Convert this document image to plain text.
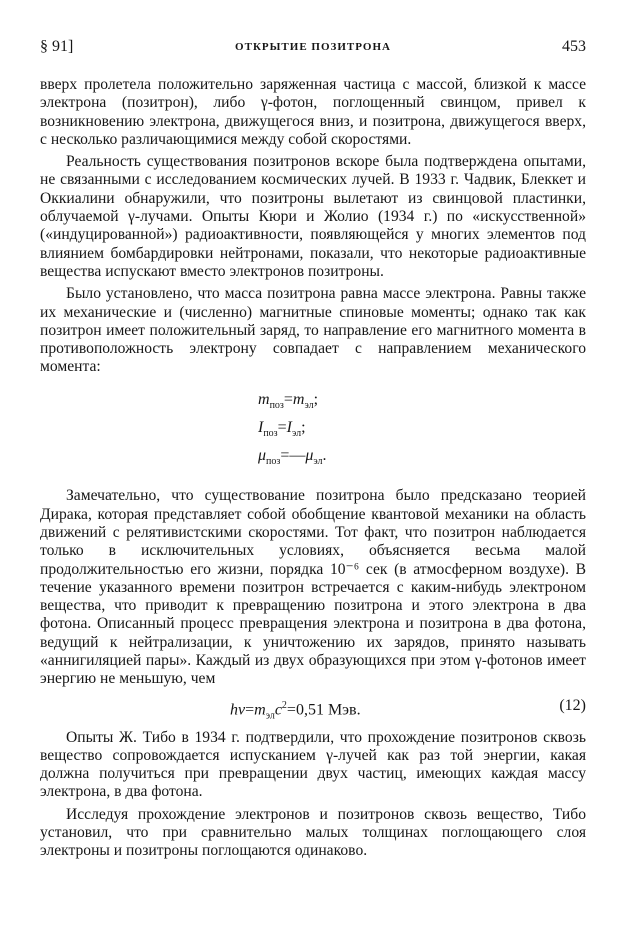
§ 91]	ОТКРЫТИЕ ПОЗИТРОНА	453

вверх пролетела положительно заряженная частица с массой, близкой к массе электрона (позитрон), либо γ-фотон, поглощенный свинцом, привел к возникновению электрона, движущегося вниз, и позитрона, движущегося вверх, с несколько различающимися между собой скоростями.

Реальность существования позитронов вскоре была подтверждена опытами, не связанными с исследованием космических лучей. В 1933 г. Чадвик, Блеккет и Оккиалини обнаружили, что позитроны вылетают из свинцовой пластинки, облучаемой γ-лучами. Опыты Кюри и Жолио (1934 г.) по «искусственной» («индуцированной») радиоактивности, появляющейся у многих элементов под влиянием бомбардировки нейтронами, показали, что некоторые радиоактивные вещества испускают вместо электронов позитроны.

Было установлено, что масса позитрона равна массе электрона. Равны также их механические и (численно) магнитные спиновые моменты; однако так как позитрон имеет положительный заряд, то направление его магнитного момента в противоположность электрону совпадает с направлением механического момента:

$m_{поз}=m_{эл}$;
$I_{поз}=I_{эл}$;
$\mu_{поз}=—\mu_{эл}$.

Замечательно, что существование позитрона было предсказано теорией Дирака, которая представляет собой обобщение квантовой механики на область движений с релятивистскими скоростями. Тот факт, что позитрон наблюдается только в исключительных условиях, объясняется весьма малой продолжительностью его жизни, порядка 10⁻⁶ сек (в атмосферном воздухе). В течение указанного времени позитрон встречается с каким-нибудь электроном вещества, что приводит к превращению позитрона и этого электрона в два фотона. Описанный процесс превращения электрона и позитрона в два фотона, ведущий к нейтрализации, к уничтожению их зарядов, принято называть «аннигиляцией пары». Каждый из двух образующихся при этом γ-фотонов имеет энергию не меньшую, чем

$h\nu=m_{эл}c^2=0,51$ Мэв.	(12)

Опыты Ж. Тибо в 1934 г. подтвердили, что прохождение позитронов сквозь вещество сопровождается испусканием γ-лучей как раз той энергии, какая должна получиться при превращении двух частиц, имеющих каждая массу электрона, в два фотона.

Исследуя прохождение электронов и позитронов сквозь вещество, Тибо установил, что при сравнительно малых толщинах поглощающего слоя электроны и позитроны поглощаются одинаково.
